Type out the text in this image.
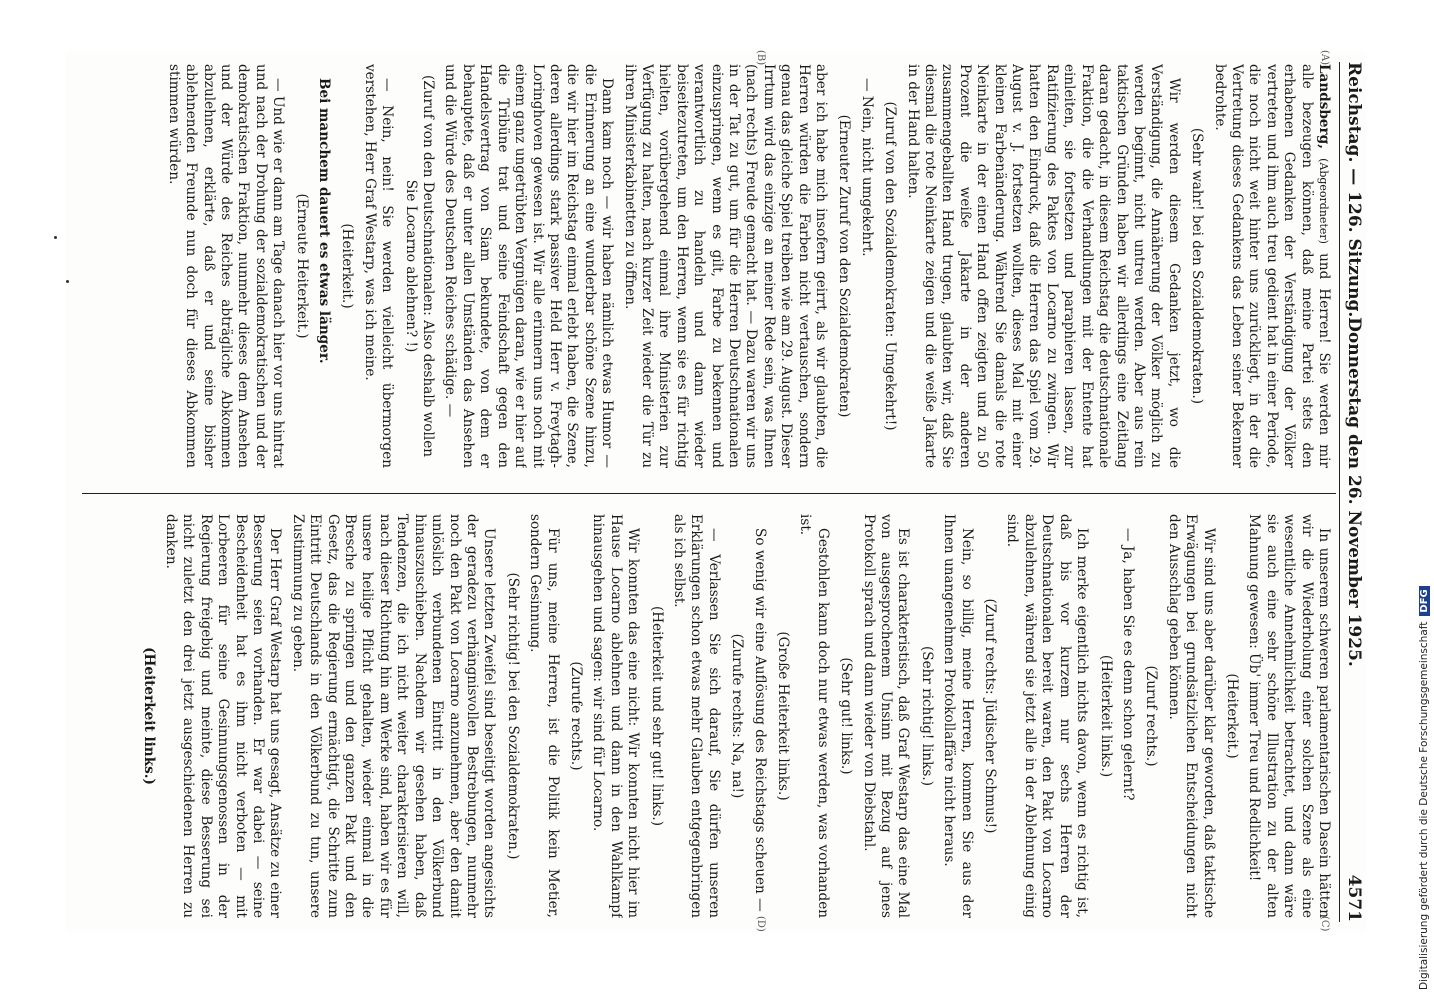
Reichstag. — 126. Sitzung.
Donnerstag den 26. November 1925.
4571
(A)
(B)
(C)
(D)

Landsberg, (Abgeordneter) und Herren! Sie werden mir alle bezeugen können, daß meine Partei stets den erhabenen Gedanken der Verständigung der Völker vertreten und ihm auch treu gedient hat in einer Periode, die noch nicht weit hinter uns zurückliegt, in der die Vertretung dieses Gedankens das Leben seiner Bekenner bedrohte.

(Sehr wahr! bei den Sozialdemokraten.)

Wir werden diesem Gedanken jetzt, wo die Verständigung, die Annäherung der Völker möglich zu werden beginnt, nicht untreu werden. Aber aus rein taktischen Gründen haben wir allerdings eine Zeitlang daran gedacht, in diesem Reichstag die deutschnationale Fraktion, die die Verhandlungen mit der Entente hat einleiten, sie fortsetzen und paraphieren lassen, zur Ratifizierung des Paktes von Locarno zu zwingen. Wir hatten den Eindruck, daß die Herren das Spiel vom 29. August v. J. fortsetzen wollten, dieses Mal mit einer kleinen Farbenänderung. Während Sie damals die rote Neinkarte in der einen Hand offen zeigten und zu 50 Prozent die weiße Jakarte in der anderen zusammengeballten Hand trugen, glaubten wir, daß Sie diesmal die rote Neinkarte zeigen und die weiße Jakarte in der Hand halten.

(Zuruf von den Sozialdemokraten: Umgekehrt!)

— Nein, nicht umgekehrt.

(Erneuter Zuruf von den Sozialdemokraten)

aber ich habe mich insofern geirrt, als wir glaubten, die Herren würden die Farben nicht vertauschen, sondern genau das gleiche Spiel treiben wie am 29. August. Dieser Irrtum wird das einzige an meiner Rede sein, was Ihnen (nach rechts) Freude gemacht hat. — Dazu waren wir uns in der Tat zu gut, um für die Herren Deutschnationalen einzuspringen, wenn es gilt, Farbe zu bekennen und verantwortlich zu handeln und dann wieder beiseitezutreten, um den Herren, wenn sie es für richtig hielten, vorübergehend einmal ihre Ministerien zur Verfügung zu halten, nach kurzer Zeit wieder die Tür zu ihren Ministerkabinetten zu öffnen.

Dann kam noch — wir haben nämlich etwas Humor — die Erinnerung an eine wunderbar schöne Szene hinzu, die wir hier im Reichstag einmal erlebt haben, die Szene, deren allerdings stark passiver Held Herr v. Freytagh-Loringhoven gewesen ist. Wir alle erinnern uns noch mit einem ganz ungetrübten Vergnügen daran, wie er hier auf die Tribüne trat und seine Feindschaft gegen den Handelsvertrag von Siam bekundete, von dem er behauptete, daß er unter allen Umständen das Ansehen und die Würde des Deutschen Reiches schädige. —

(Zuruf von den Deutschnationalen: Also deshalb wollen Sie Locarno ablehnen? !)

— Nein, nein! Sie werden vielleicht übermorgen verstehen, Herr Graf Westarp, was ich meine.

(Heiterkeit.)

Bei manchem dauert es etwas länger.

(Erneute Heiterkeit.)

— Und wie er dann am Tage danach hier vor uns hintrat und nach der Drohung der sozialdemokratischen und der demokratischen Fraktion, nunmehr dieses dem Ansehen und der Würde des Reiches abträgliche Abkommen abzulehnen, erklärte, daß er und seine bisher ablehnenden Freunde nun doch für dieses Abkommen stimmen würden.

In unserem schweren parlamentarischen Dasein hätten wir die Wiederholung einer solchen Szene als eine wesentliche Annehmlichkeit betrachtet, und dann wäre sie auch eine sehr schöne Illustration zu der alten Mahnung gewesen: Üb' immer Treu und Redlichkeit!

(Heiterkeit.)

Wir sind uns aber darüber klar geworden, daß taktische Erwägungen bei grundsätzlichen Entscheidungen nicht den Ausschlag geben können.

(Zuruf rechts.)

— Ja, haben Sie es denn schon gelernt?

(Heiterkeit links.)

Ich merke eigentlich nichts davon, wenn es richtig ist, daß bis vor kurzem nur sechs Herren der Deutschnationalen bereit waren, den Pakt von Locarno abzulehnen, während sie jetzt alle in der Ablehnung einig sind.

(Zuruf rechts: Jüdischer Schmus!)

Nein, so billig, meine Herren, kommen Sie aus der Ihnen unangenehmen Protokollaffäre nicht heraus.

(Sehr richtig! links.)

Es ist charakteristisch, daß Graf Westarp das eine Mal von ausgesprochenem Unsinn mit Bezug auf jenes Protokoll sprach und dann wieder von Diebstahl.

(Sehr gut! links.)

Gestohlen kann doch nur etwas werden, was vorhanden ist.

(Große Heiterkeit links.)

So wenig wir eine Auflösung des Reichstags scheuen —

(Zurufe rechts: Na, na!)

— Verlassen Sie sich darauf, Sie dürfen unseren Erklärungen schon etwas mehr Glauben entgegenbringen als ich selbst.

(Heiterkeit und sehr gut! links.)

Wir konnten das eine nicht: Wir konnten nicht hier im Hause Locarno ablehnen und dann in den Wahlkampf hinausgehen und sagen: wir sind für Locarno.

(Zurufe rechts.)

Für uns, meine Herren, ist die Politik kein Metier, sondern Gesinnung.

(Sehr richtig! bei den Sozialdemokraten.)

Unsere letzten Zweifel sind beseitigt worden angesichts der geradezu verhängnisvollen Bestrebungen, nunmehr noch den Pakt von Locarno anzunehmen, aber den damit unlöslich verbundenen Eintritt in den Völkerbund hinauszuschieben. Nachdem wir gesehen haben, daß Tendenzen, die ich nicht weiter charakterisieren will, nach dieser Richtung hin am Werke sind, haben wir es für unsere heilige Pflicht gehalten, wieder einmal in die Bresche zu springen und den ganzen Pakt und den Gesetz, das die Regierung ermächtigt, die Schritte zum Eintritt Deutschlands in den Völkerbund zu tun, unsere Zustimmung zu geben.

Der Herr Graf Westarp hat uns gesagt, Ansätze zu einer Besserung seien vorhanden. Er war dabei — seine Bescheidenheit hat es ihm nicht verboten — mit Lorbeeren für seine Gesinnungsgenossen in der Regierung freigebig und meinte, diese Besserung sei nicht zuletzt den drei jetzt ausgeschiedenen Herren zu danken.

(Heiterkeit links.)	Digitalisierung gefördert durch die Deutsche ForschungsgemeinschaftDFG
